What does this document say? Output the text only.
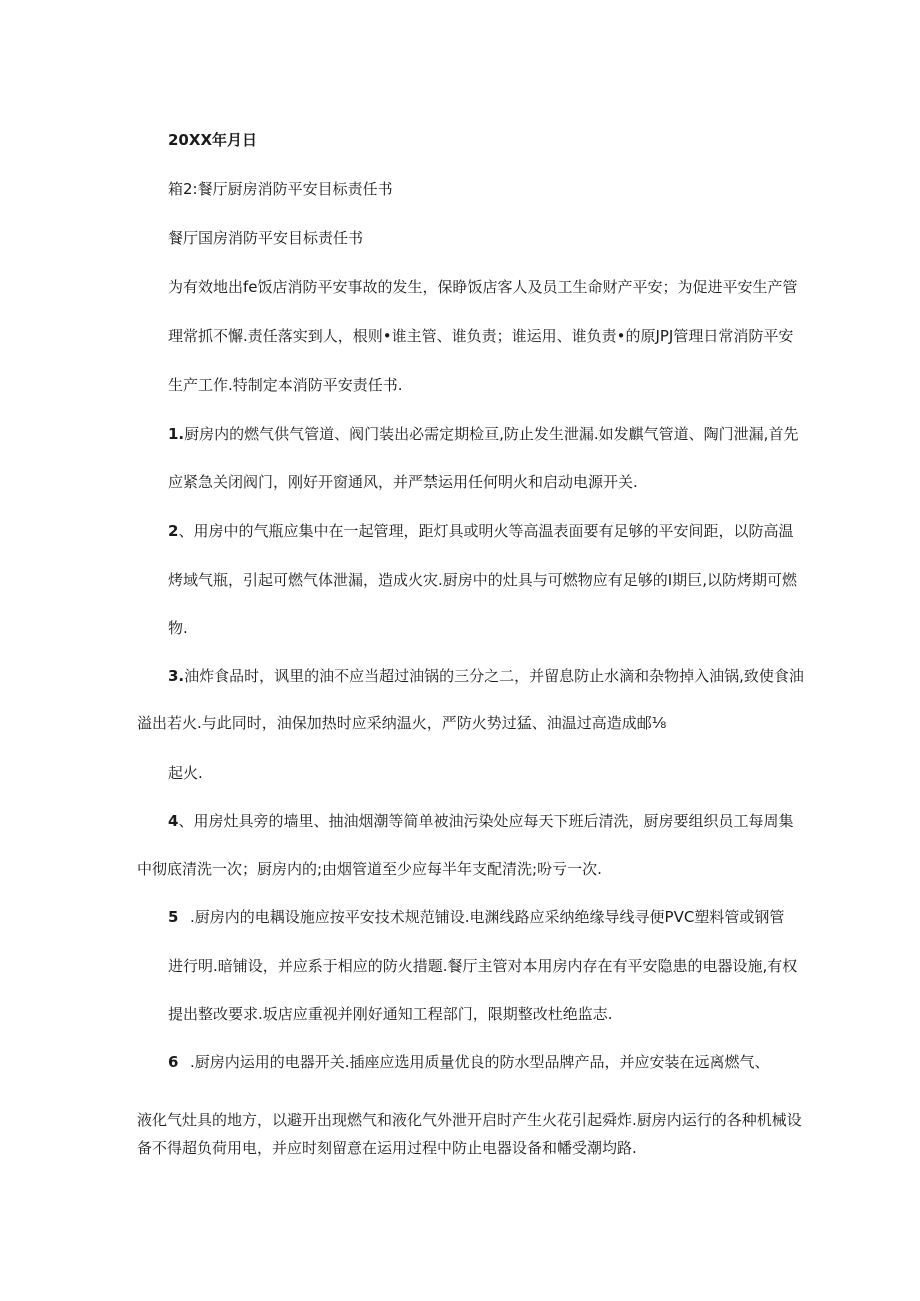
20XX年月日

箱2:餐厅厨房消防平安目标责任书

餐厅国房消防平安目标责任书

为有效地出fe饭店消防平安事故的发生，保睁饭店客人及员工生命财产平安；为促进平安生产管

理常抓不懈.责任落实到人，根则•谁主管、谁负责；谁运用、谁负责•的原JPJ管理日常消防平安

生产工作.特制定本消防平安责任书.

1.厨房内的燃气供气管道、阀门装出必需定期检亘,防止发生泄漏.如发麒气管道、陶门泄漏,首先

应紧急关闭阀门，刚好开窗通风，并严禁运用任何明火和启动电源开关.

2、用房中的气瓶应集中在一起管理，距灯具或明火等高温表面要有足够的平安间距，以防高温

烤域气瓶，引起可燃气体泄漏，造成火灾.厨房中的灶具与可燃物应有足够的I期巨,以防烤期可燃

物.

3.油炸食品时，讽里的油不应当超过油锅的三分之二，并留息防止水滴和杂物掉入油锅,致使食油

溢出若火.与此同时，油保加热时应采纳温火，严防火势过猛、油温过高造成邮⅛

起火.

4、用房灶具旁的墙里、抽油烟潮等简单被油污染处应每天下班后清洗，厨房要组织员工每周集

中彻底清洗一次；厨房内的;由烟管道至少应每半年支配清洗;吩亏一次.

5 .厨房内的电耦设施应按平安技术规范铺设.电渊线路应采纳绝缘导线寻便PVC塑料管或钢管

进行明.暗铺设，并应系于相应的防火措题.餐厅主管对本用房内存在有平安隐患的电器设施,有权

提出整改要求.坂店应重视并刚好通知工程部门，限期整改杜绝监志.

6 .厨房内运用的电器开关.插座应选用质量优良的防水型品牌产品，并应安装在远离燃气、

液化气灶具的地方，以避开出现燃气和液化气外泄开启时产生火花引起舜炸.厨房内运行的各种机械设

备不得超负荷用电，并应时刻留意在运用过程中防止电器设备和幡受潮均路.
